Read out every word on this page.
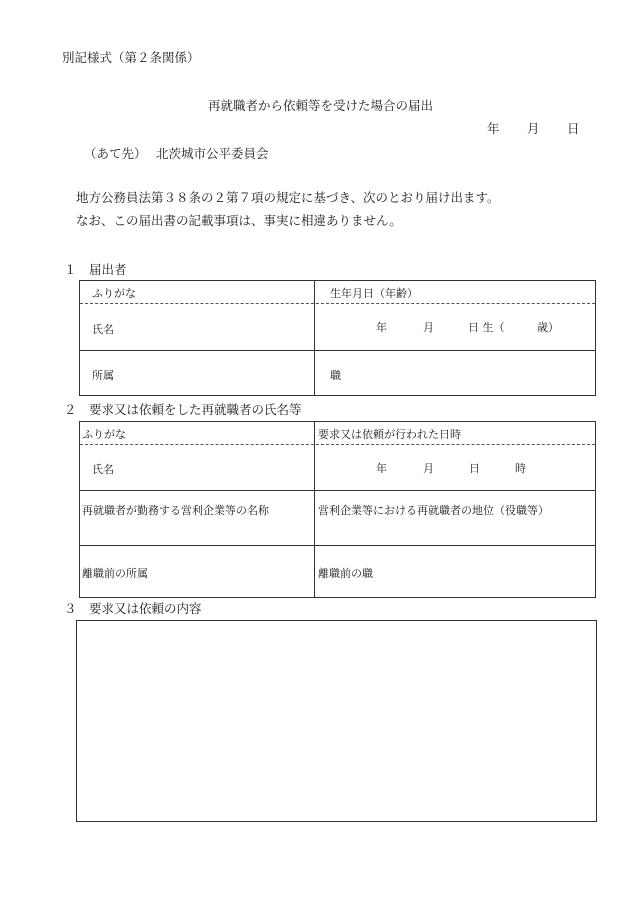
別記様式（第２条関係）
再就職者から依頼等を受けた場合の届出
年 月 日
（あて先） 北茨城市公平委員会
地方公務員法第３８条の２第７項の規定に基づき、次のとおり届け出ます。
なお、この届出書の記載事項は、事実に相違ありません。
１　届出者
ふりがな	生年月日（年齢）
氏名	年	月	日 生（	歳）
所属	職
２　要求又は依頼をした再就職者の氏名等
ふりがな	要求又は依頼が行われた日時
氏名	年	月	日	時
再就職者が勤務する営利企業等の名称	営利企業等における再就職者の地位（役職等）
離職前の所属	離職前の職
３　要求又は依頼の内容
